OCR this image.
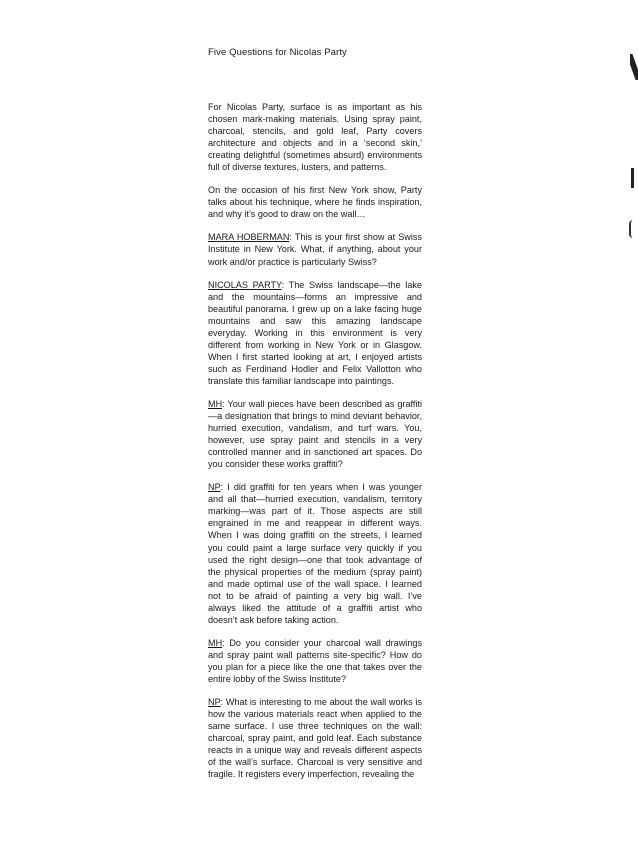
Five Questions for Nicolas Party

For Nicolas Party, surface is as important as his chosen mark-making materials. Using spray paint, charcoal, stencils, and gold leaf, Party covers architecture and objects and in a ‘second skin,’ creating delightful (sometimes absurd) environments full of diverse textures, lusters, and patterns.

On the occasion of his first New York show, Party talks about his technique, where he finds inspiration, and why it’s good to draw on the wall…

MARA HOBERMAN: This is your first show at Swiss Institute in New York. What, if anything, about your work and/or practice is particularly Swiss?

NICOLAS PARTY: The Swiss landscape—the lake and the mountains—forms an impressive and beautiful panorama. I grew up on a lake facing huge mountains and saw this amazing landscape everyday. Working in this environment is very different from working in New York or in Glasgow. When I first started looking at art, I enjoyed artists such as Ferdinand Hodler and Felix Vallotton who translate this familiar landscape into paintings.

MH: Your wall pieces have been described as graffiti—a designation that brings to mind deviant behavior, hurried execution, vandalism, and turf wars. You, however, use spray paint and stencils in a very controlled manner and in sanctioned art spaces. Do you consider these works graffiti?

NP: I did graffiti for ten years when I was younger and all that—hurried execution, vandalism, territory marking—was part of it. Those aspects are still engrained in me and reappear in different ways. When I was doing graffiti on the streets, I learned you could paint a large surface very quickly if you used the right design—one that took advantage of the physical properties of the medium (spray paint) and made optimal use of the wall space. I learned not to be afraid of painting a very big wall. I’ve always liked the attitude of a graffiti artist who doesn’t ask before taking action.

MH: Do you consider your charcoal wall drawings and spray paint wall patterns site-specific? How do you plan for a piece like the one that takes over the entire lobby of the Swiss Institute?

NP: What is interesting to me about the wall works is how the various materials react when applied to the same surface. I use three techniques on the wall: charcoal, spray paint, and gold leaf. Each substance reacts in a unique way and reveals different aspects of the wall’s surface. Charcoal is very sensitive and fragile. It registers every imperfection, revealing the
